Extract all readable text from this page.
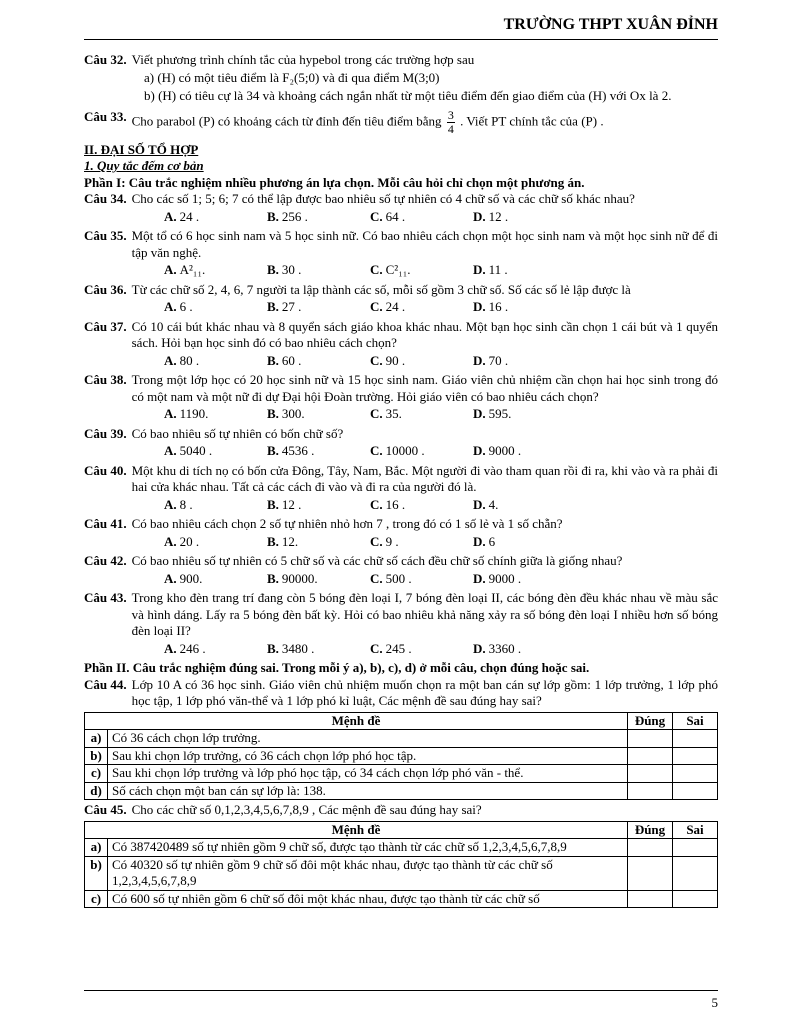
TRƯỜNG THPT XUÂN ĐỈNH
Câu 32. Viết phương trình chính tắc của hypebol trong các trường hợp sau
a) (H) có một tiêu điểm là F₂(5;0) và đi qua điểm M(3;0)
b) (H) có tiêu cự là 34 và khoảng cách ngắn nhất từ một tiêu điểm đến giao điểm của (H) với Ox là 2.
Câu 33. Cho parabol (P) có khoảng cách từ đỉnh đến tiêu điểm bằng $\frac{3}{4}$ . Viết PT chính tắc của (P) .
II. ĐẠI SỐ TỔ HỢP
1. Quy tắc đếm cơ bản
Phần I: Câu trắc nghiệm nhiều phương án lựa chọn. Mỗi câu hỏi chỉ chọn một phương án.
Câu 34. Cho các số 1; 5; 6; 7 có thể lập được bao nhiêu số tự nhiên có 4 chữ số và các chữ số khác nhau?
A. 24 .	B. 256 .	C. 64 .	D. 12 .
Câu 35. Một tổ có 6 học sinh nam và 5 học sinh nữ. Có bao nhiêu cách chọn một học sinh nam và một học sinh nữ để đi tập văn nghệ.
A. A²₁₁.	B. 30 .	C. C²₁₁.	D. 11 .
Câu 36. Từ các chữ số 2, 4, 6, 7 người ta lập thành các số, mỗi số gồm 3 chữ số. Số các số lẻ lập được là
A. 6 .	B. 27 .	C. 24 .	D. 16 .
Câu 37. Có 10 cái bút khác nhau và 8 quyển sách giáo khoa khác nhau. Một bạn học sinh cần chọn 1 cái bút và 1 quyển sách. Hỏi bạn học sinh đó có bao nhiêu cách chọn?
A. 80 .	B. 60 .	C. 90 .	D. 70 .
Câu 38. Trong một lớp học có 20 học sinh nữ và 15 học sinh nam. Giáo viên chủ nhiệm cần chọn hai học sinh trong đó có một nam và một nữ đi dự Đại hội Đoàn trường. Hỏi giáo viên có bao nhiêu cách chọn?
A. 1190.	B. 300.	C. 35.	D. 595.
Câu 39. Có bao nhiêu số tự nhiên có bốn chữ số?
A. 5040 .	B. 4536 .	C. 10000 .	D. 9000 .
Câu 40. Một khu di tích nọ có bốn cửa Đông, Tây, Nam, Bắc. Một người đi vào tham quan rồi đi ra, khi vào và ra phải đi hai cửa khác nhau. Tất cả các cách đi vào và đi ra của người đó là.
A. 8 .	B. 12 .	C. 16 .	D. 4.
Câu 41. Có bao nhiêu cách chọn 2 số tự nhiên nhỏ hơn 7 , trong đó có 1 số lẻ và 1 số chẵn?
A. 20 .	B. 12.	C. 9 .	D. 6
Câu 42. Có bao nhiêu số tự nhiên có 5 chữ số và các chữ số cách đều chữ số chính giữa là giống nhau?
A. 900.	B. 90000.	C. 500 .	D. 9000 .
Câu 43. Trong kho đèn trang trí đang còn 5 bóng đèn loại I, 7 bóng đèn loại II, các bóng đèn đều khác nhau về màu sắc và hình dáng. Lấy ra 5 bóng đèn bất kỳ. Hỏi có bao nhiêu khả năng xảy ra số bóng đèn loại I nhiều hơn số bóng đèn loại II?
A. 246 .	B. 3480 .	C. 245 .	D. 3360 .
Phần II. Câu trắc nghiệm đúng sai. Trong mỗi ý a), b), c), d) ở mỗi câu, chọn đúng hoặc sai.
Câu 44. Lớp 10 A có 36 học sinh. Giáo viên chủ nhiệm muốn chọn ra một ban cán sự lớp gồm: 1 lớp trưởng, 1 lớp phó học tập, 1 lớp phó văn-thể và 1 lớp phó kỉ luật, Các mệnh đề sau đúng hay sai?
Mệnh đề		Đúng	Sai
a)	Có 36 cách chọn lớp trưởng.		
b)	Sau khi chọn lớp trưởng, có 36 cách chọn lớp phó học tập.		
c)	Sau khi chọn lớp trưởng và lớp phó học tập, có 34 cách chọn lớp phó văn - thể.		
d)	Số cách chọn một ban cán sự lớp là: 138.		
Câu 45. Cho các chữ số 0,1,2,3,4,5,6,7,8,9 , Các mệnh đề sau đúng hay sai?
Mệnh đề		Đúng	Sai
a)	Có 387420489 số tự nhiên gồm 9 chữ số, được tạo thành từ các chữ số 1,2,3,4,5,6,7,8,9		
b)	Có 40320 số tự nhiên gồm 9 chữ số đôi một khác nhau, được tạo thành từ các chữ số 1,2,3,4,5,6,7,8,9		
c)	Có 600 số tự nhiên gồm 6 chữ số đôi một khác nhau, được tạo thành từ các chữ số		
5
